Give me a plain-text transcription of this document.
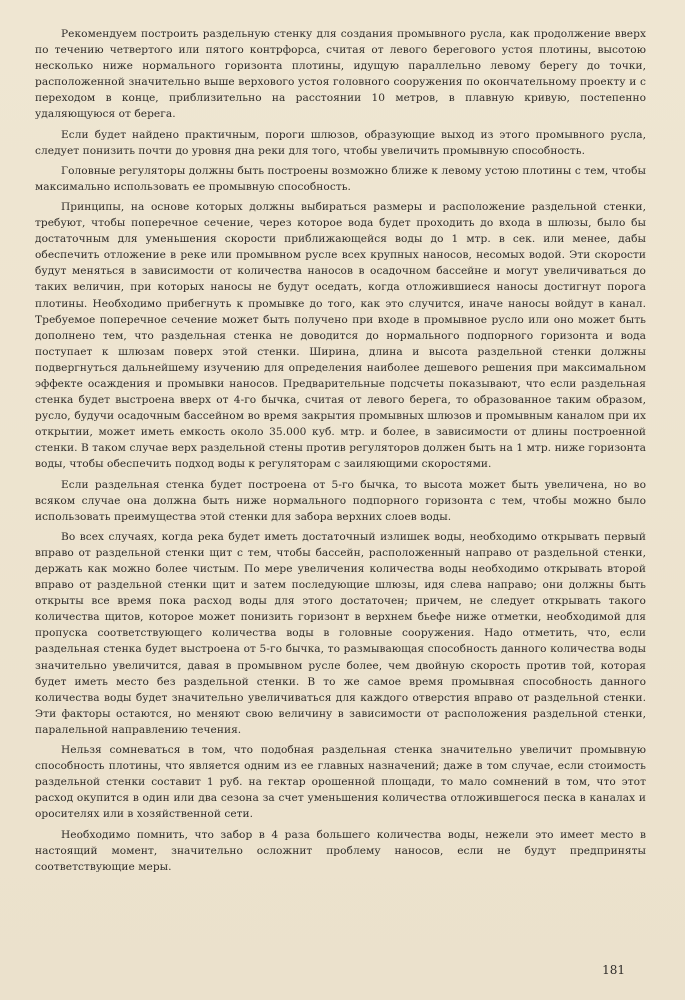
Рекомендуем построить раздельную стенку для создания промывного русла, как продолжение вверх по течению четвертого или пятого контрфорса, считая от левого берегового устоя плотины, высотою несколько ниже нормального горизонта плотины, идущую параллельно левому берегу до точки, расположенной значительно выше верхового устоя головного сооружения по окончательному проекту и с переходом в конце, приблизительно на расстоянии 10 метров, в плавную кривую, постепенно удаляющуюся от берега.

Если будет найдено практичным, пороги шлюзов, образующие выход из этого промывного русла, следует понизить почти до уровня дна реки для того, чтобы увеличить промывную способность.

Головные регуляторы должны быть построены возможно ближе к левому устою плотины с тем, чтобы максимально использовать ее промывную способность.

Принципы, на основе которых должны выбираться размеры и расположение раздельной стенки, требуют, чтобы поперечное сечение, через которое вода будет проходить до входа в шлюзы, было бы достаточным для уменьшения скорости приближающейся воды до 1 мтр. в сек. или менее, дабы обеспечить отложение в реке или промывном русле всех крупных наносов, несомых водой. Эти скорости будут меняться в зависимости от количества наносов в осадочном бассейне и могут увеличиваться до таких величин, при которых наносы не будут оседать, когда отложившиеся наносы достигнут порога плотины. Необходимо прибегнуть к промывке до того, как это случится, иначе наносы войдут в канал. Требуемое поперечное сечение может быть получено при входе в промывное русло или оно может быть дополнено тем, что раздельная стенка не доводится до нормального подпорного горизонта и вода поступает к шлюзам поверх этой стенки. Ширина, длина и высота раздельной стенки должны подвергнуться дальнейшему изучению для определения наиболее дешевого решения при максимальном эффекте осаждения и промывки наносов. Предварительные подсчеты показывают, что если раздельная стенка будет выстроена вверх от 4-го бычка, считая от левого берега, то образованное таким образом, русло, будучи осадочным бассейном во время закрытия промывных шлюзов и промывным каналом при их открытии, может иметь емкость около 35.000 куб. мтр. и более, в зависимости от длины построенной стенки. В таком случае верх раздельной стены против регуляторов должен быть на 1 мтр. ниже горизонта воды, чтобы обеспечить подход воды к регуляторам с заиляющими скоростями.

Если раздельная стенка будет построена от 5-го бычка, то высота может быть увеличена, но во всяком случае она должна быть ниже нормального подпорного горизонта с тем, чтобы можно было использовать преимущества этой стенки для забора верхних слоев воды.

Во всех случаях, когда река будет иметь достаточный излишек воды, необходимо открывать первый вправо от раздельной стенки щит с тем, чтобы бассейн, расположенный направо от раздельной стенки, держать как можно более чистым. По мере увеличения количества воды необходимо открывать второй вправо от раздельной стенки щит и затем последующие шлюзы, идя слева направо; они должны быть открыты все время пока расход воды для этого достаточен; причем, не следует открывать такого количества щитов, которое может понизить горизонт в верхнем бьефе ниже отметки, необходимой для пропуска соответствующего количества воды в головные сооружения. Надо отметить, что, если раздельная стенка будет выстроена от 5-го бычка, то размывающая способность данного количества воды значительно увеличится, давая в промывном русле более, чем двойную скорость против той, которая будет иметь место без раздельной стенки. В то же самое время промывная способность данного количества воды будет значительно увеличиваться для каждого отверстия вправо от раздельной стенки. Эти факторы остаются, но меняют свою величину в зависимости от расположения раздельной стенки, паралельной направлению течения.

Нельзя сомневаться в том, что подобная раздельная стенка значительно увеличит промывную способность плотины, что является одним из ее главных назначений; даже в том случае, если стоимость раздельной стенки составит 1 руб. на гектар орошенной площади, то мало сомнений в том, что этот расход окупится в один или два сезона за счет уменьшения количества отложившегося песка в каналах и оросителях или в хозяйственной сети.

Необходимо помнить, что забор в 4 раза большего количества воды, нежели это имеет место в настоящий момент, значительно осложнит проблему наносов, если не будут предприняты соответствующие меры.

181
